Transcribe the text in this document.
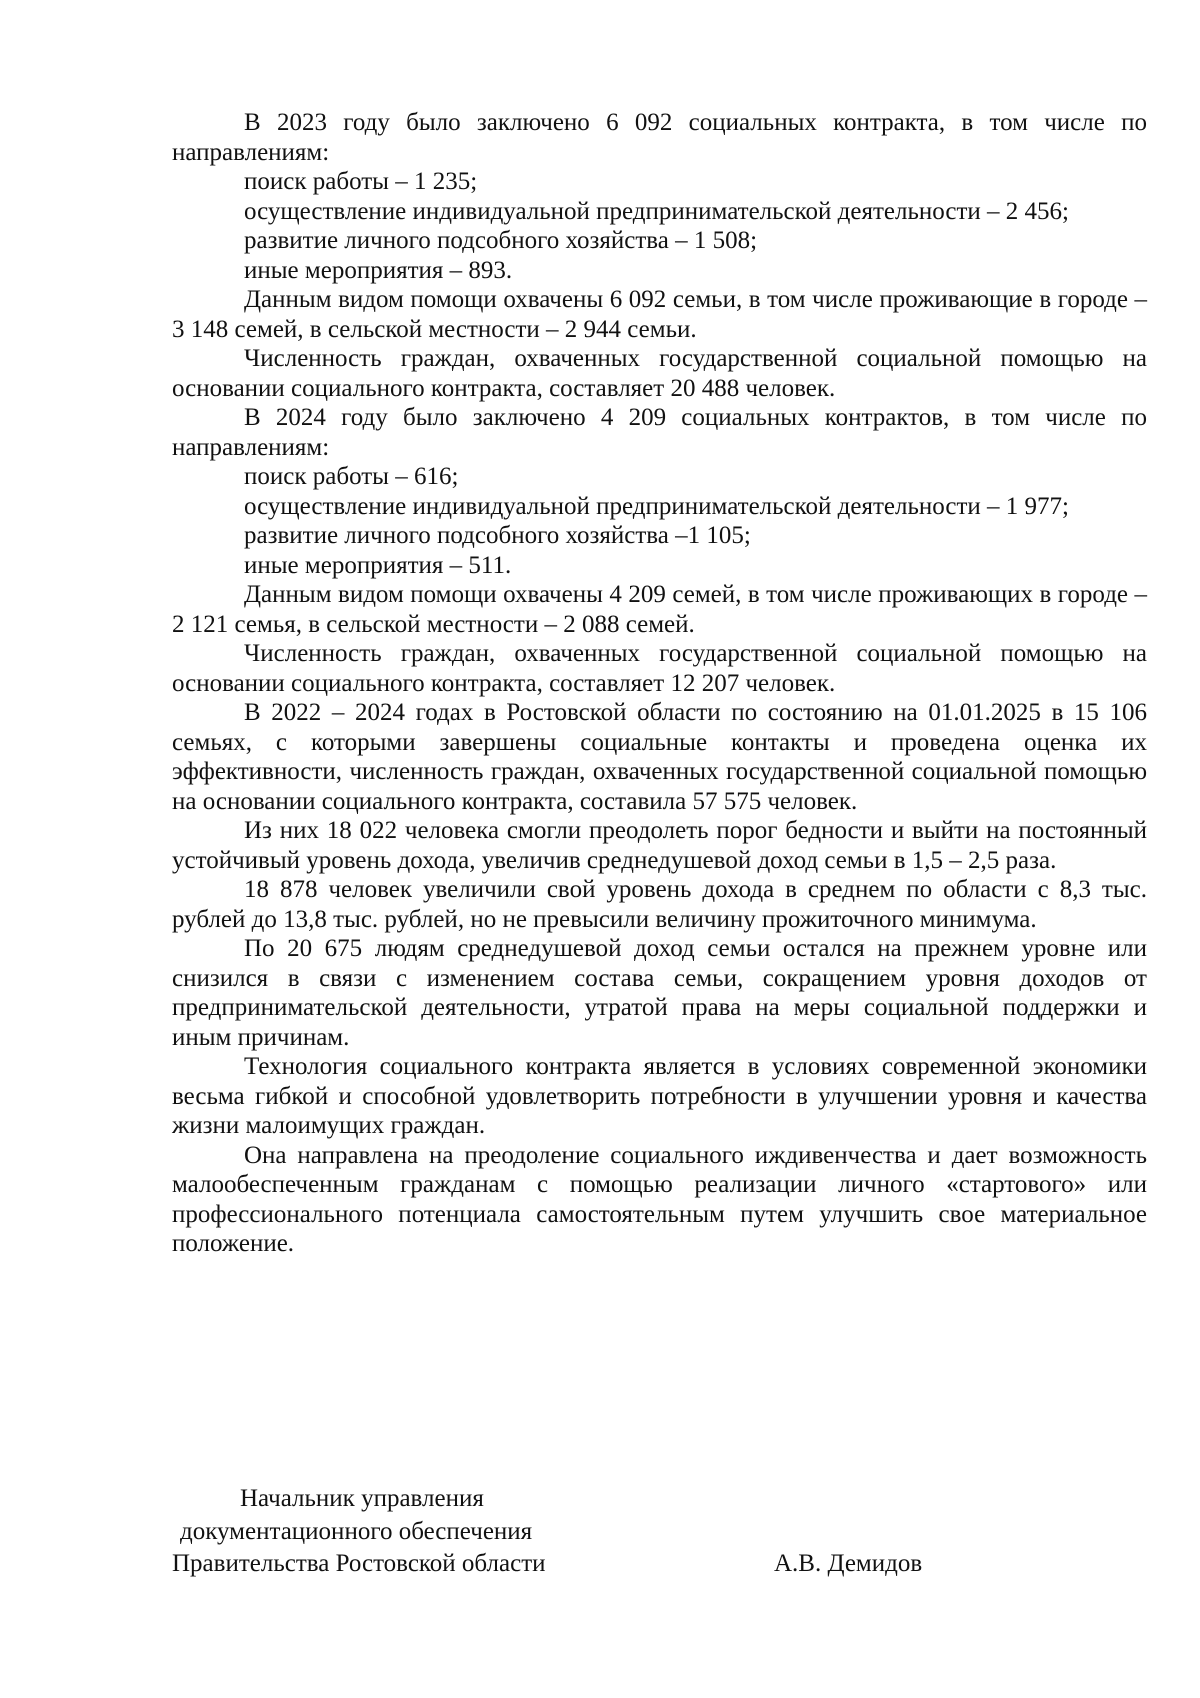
В 2023 году было заключено 6 092 социальных контракта, в том числе по направлениям:

поиск работы – 1 235;

осуществление индивидуальной предпринимательской деятельности – 2 456;

развитие личного подсобного хозяйства – 1 508;

иные мероприятия – 893.

Данным видом помощи охвачены 6 092 семьи, в том числе проживающие в городе – 3 148 семей, в сельской местности – 2 944 семьи.

Численность граждан, охваченных государственной социальной помощью на основании социального контракта, составляет 20 488 человек.

В 2024 году было заключено 4 209 социальных контрактов, в том числе по направлениям:

поиск работы – 616;

осуществление индивидуальной предпринимательской деятельности – 1 977;

развитие личного подсобного хозяйства –1 105;

иные мероприятия – 511.

Данным видом помощи охвачены 4 209 семей, в том числе проживающих в городе – 2 121 семья, в сельской местности – 2 088 семей.

Численность граждан, охваченных государственной социальной помощью на основании социального контракта, составляет 12 207 человек.

В 2022 – 2024 годах в Ростовской области по состоянию на 01.01.2025 в 15 106 семьях, с которыми завершены социальные контакты и проведена оценка их эффективности, численность граждан, охваченных государственной социальной помощью на основании социального контракта, составила 57 575 человек.

Из них 18 022 человека смогли преодолеть порог бедности и выйти на постоянный устойчивый уровень дохода, увеличив среднедушевой доход семьи в 1,5 – 2,5 раза.

18 878 человек увеличили свой уровень дохода в среднем по области с 8,3 тыс. рублей до 13,8 тыс. рублей, но не превысили величину прожиточного минимума.

По 20 675 людям среднедушевой доход семьи остался на прежнем уровне или снизился в связи с изменением состава семьи, сокращением уровня доходов от предпринимательской деятельности, утратой права на меры социальной поддержки и иным причинам.

Технология социального контракта является в условиях современной экономики весьма гибкой и способной удовлетворить потребности в улучшении уровня и качества жизни малоимущих граждан.

Она направлена на преодоление социального иждивенчества и дает возможность малообеспеченным гражданам с помощью реализации личного «стартового» или профессионального потенциала самостоятельным путем улучшить свое материальное положение.

Начальник управления
документационного обеспечения
Правительства Ростовской области	А.В. Демидов
